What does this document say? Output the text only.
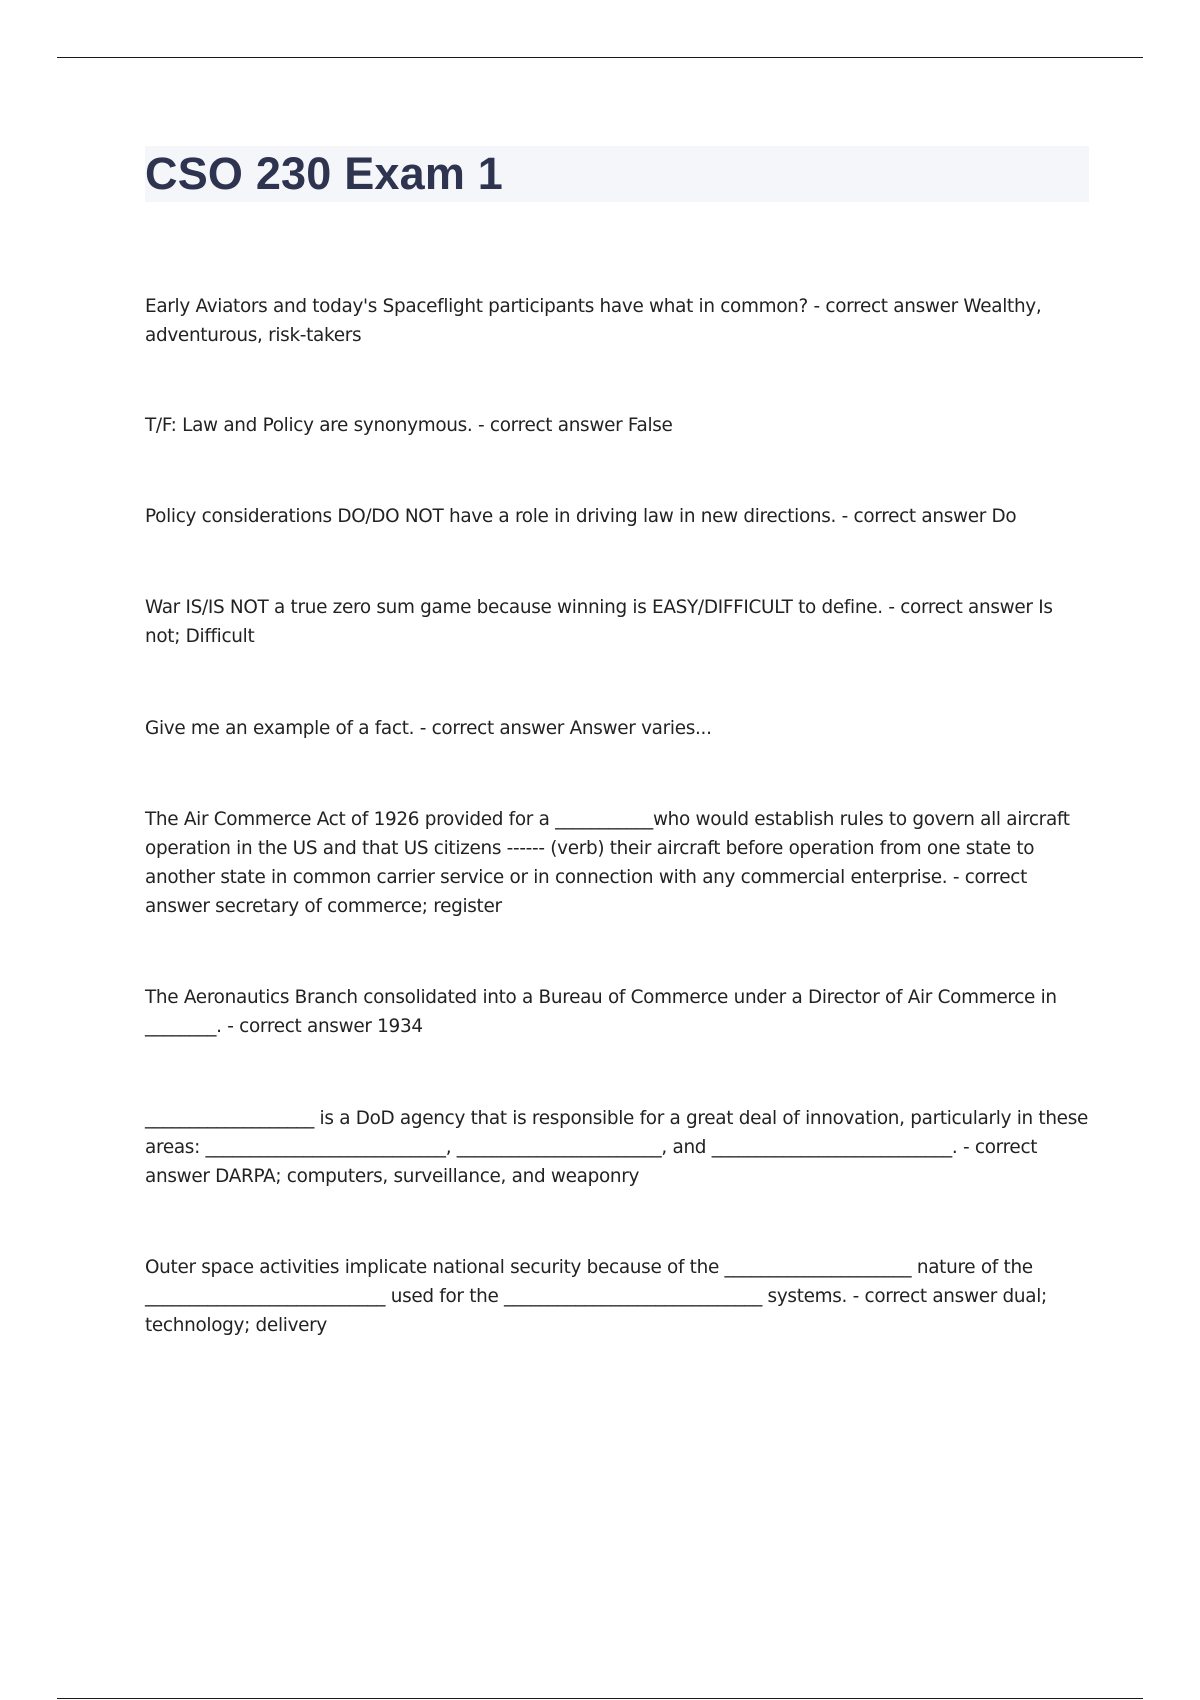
CSO 230 Exam 1

Early Aviators and today's Spaceflight participants have what in common? - correct answer Wealthy, adventurous, risk-takers

T/F: Law and Policy are synonymous. - correct answer False

Policy considerations DO/DO NOT have a role in driving law in new directions. - correct answer Do

War IS/IS NOT a true zero sum game because winning is EASY/DIFFICULT to define. - correct answer Is not; Difficult

Give me an example of a fact. - correct answer Answer varies...

The Air Commerce Act of 1926 provided for a ___________who would establish rules to govern all aircraft operation in the US and that US citizens ------ (verb) their aircraft before operation from one state to another state in common carrier service or in connection with any commercial enterprise. - correct answer secretary of commerce; register

The Aeronautics Branch consolidated into a Bureau of Commerce under a Director of Air Commerce in ________. - correct answer 1934

___________________ is a DoD agency that is responsible for a great deal of innovation, particularly in these areas: ___________________________, _______________________, and ___________________________. - correct answer DARPA; computers, surveillance, and weaponry

Outer space activities implicate national security because of the _____________________ nature of the ___________________________ used for the _____________________________ systems. - correct answer dual; technology; delivery
